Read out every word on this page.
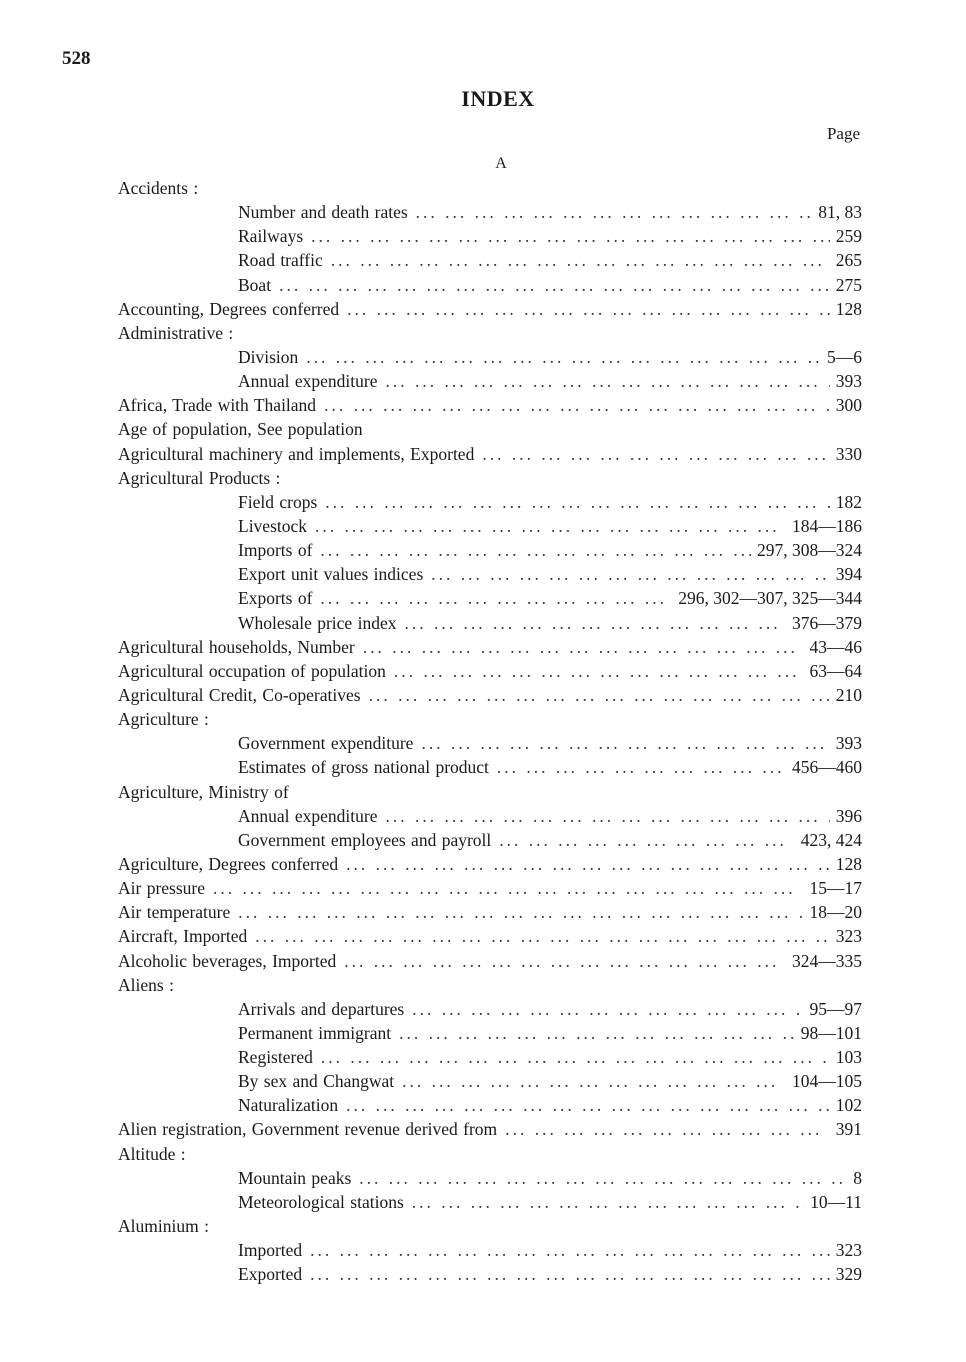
528
INDEX
Page
A
Accidents :
Number and death rates ... .	81, 83
Railways ... .	259
Road traffic ... .	265
Boat ... .	275
Accounting, Degrees conferred ... .	128
Administrative :
Division ... .	5—6
Annual expenditure ... .	393
Africa, Trade with Thailand ... .	300
Age of population, See population
Agricultural machinery and implements, Exported ... .	330
Agricultural Products :
Field crops ... .	182
Livestock ... .	184—186
Imports of ... .	297, 308—324
Export unit values indices ... .	394
Exports of ... .	296, 302—307, 325—344
Wholesale price index ... .	376—379
Agricultural households, Number ... .	43—46
Agricultural occupation of population ... .	63—64
Agricultural Credit, Co-operatives ... .	210
Agriculture :
Government expenditure ... .	393
Estimates of gross national product ... .	456—460
Agriculture, Ministry of
Annual expenditure ... .	396
Government employees and payroll ... .	423, 424
Agriculture, Degrees conferred ... .	128
Air pressure ... .	15—17
Air temperature ... .	18—20
Aircraft, Imported ... .	323
Alcoholic beverages, Imported ... .	324—335
Aliens :
Arrivals and departures ... .	95—97
Permanent immigrant ... .	98—101
Registered ... .	103
By sex and Changwat ... .	104—105
Naturalization ... .	102
Alien registration, Government revenue derived from ... .	391
Altitude :
Mountain peaks ... .	8
Meteorological stations ... .	10—11
Aluminium :
Imported ... .	323
Exported ... .	329
